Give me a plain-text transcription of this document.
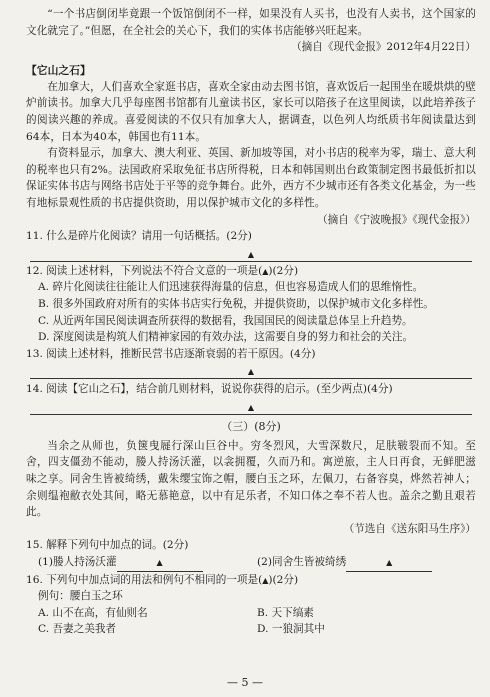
“一个书店倒闭毕竟跟一个饭馆倒闭不一样，如果没有人买书，也没有人卖书，这个国家的文化就完了。”但愿，在全社会的关心下，我们的实体书店能够兴旺起来。

（摘自《现代金报》2012年4月22日）

【它山之石】

在加拿大，人们喜欢全家逛书店，喜欢全家由动去图书馆，喜欢饭后一起围坐在暖烘烘的壁炉前读书。加拿大几乎每座图书馆都有儿童读书区，家长可以陪孩子在这里阅读，以此培养孩子的阅读兴趣的养成。喜爱阅读的不仅只有加拿大人，据调查，以色列人均纸质书年阅读量达到64本，日本为40本，韩国也有11本。

有资料显示，加拿大、澳大利亚、英国、新加坡等国，对小书店的税率为零，瑞士、意大利的税率也只有2%。法国政府采取免征书店所得税，日本和韩国则出台政策制定图书最低折扣以保证实体书店与网络书店处于平等的竞争舞台。此外，西方不少城市还有各类文化基金，为一些有地标景观性质的书店提供资助，用以保护城市文化的多样性。

（摘自《宁波晚报》《现代金报》）

11. 什么是碎片化阅读？请用一句话概括。(2分)

▲

12. 阅读上述材料，下列说法不符合文意的一项是(▲)(2分)

A. 碎片化阅读往往能让人们迅速获得海量的信息，但也容易造成人们的思维惰性。

B. 很多外国政府对所有的实体书店实行免税，并提供资助，以保护城市文化多样性。

C. 从近两年国民阅读调查所获得的数据看，我国国民的阅读量总体呈上升趋势。

D. 深度阅读是构筑人们精神家园的有效办法，这需要自身的努力和社会的关注。

13. 阅读上述材料，推断民营书店逐渐衰弱的若干原因。(4分)

▲

14. 阅读【它山之石】，结合前几则材料，说说你获得的启示。(至少两点)(4分)

▲

（三）(8分)

当余之从师也，负箧曳屣行深山巨谷中。穷冬烈风，大雪深数尺，足肤皲裂而不知。至舍，四支僵劲不能动，媵人持汤沃灌，以衾拥覆，久而乃和。寓逆旅，主人日再食，无鲜肥滋味之享。同舍生皆被绮绣，戴朱缨宝饰之帽，腰白玉之环，左佩刀，右备容臭，烨然若神人；余则缊袍敝衣处其间，略无慕艳意，以中有足乐者，不知口体之奉不若人也。盖余之勤且艰若此。

（节选自《送东阳马生序》）

15. 解释下列句中加点的词。(2分)

(1)媵人持汤沃灌	▲	(2)同舍生皆被绮绣	▲

16. 下列句中加点词的用法和例句不相同的一项是(▲)(2分)

例句：腰白玉之环

A. 山不在高，有仙则名	B. 天下缟素
C. 吾妻之美我者	D. 一狼洞其中
— 5 —
